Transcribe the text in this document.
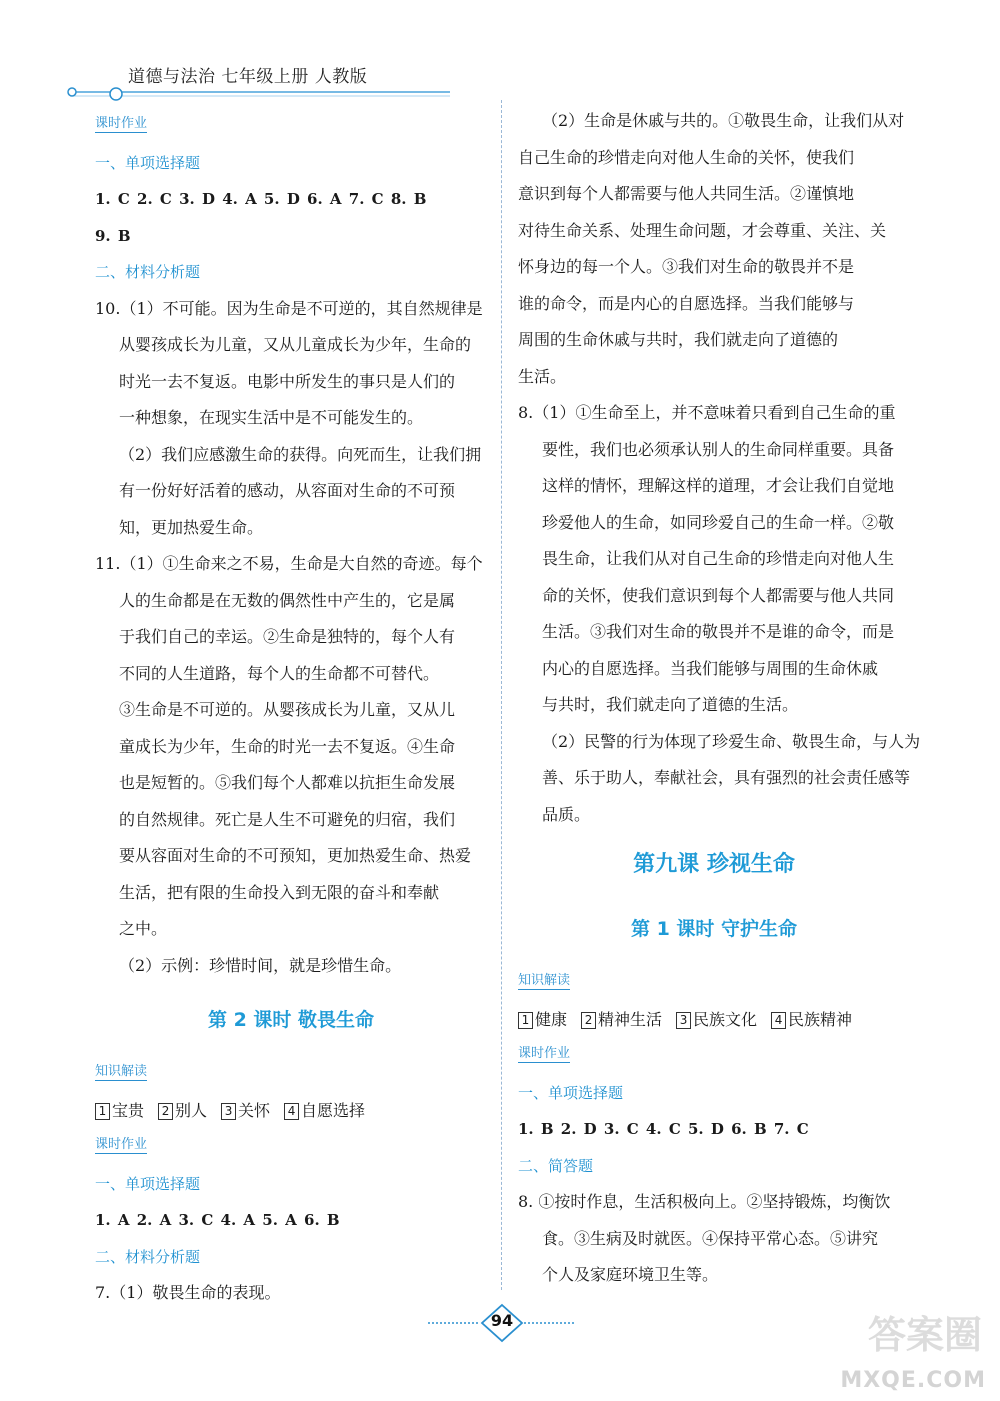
道德与法治 七年级上册 人教版
课时作业
一、单项选择题
1. C 2. C 3. D 4. A 5. D 6. A 7. C 8. B
9. B
二、材料分析题
10.（1）不可能。因为生命是不可逆的，其自然规律是
从婴孩成长为儿童，又从儿童成长为少年，生命的
时光一去不复返。电影中所发生的事只是人们的
一种想象，在现实生活中是不可能发生的。
（2）我们应感激生命的获得。向死而生，让我们拥
有一份好好活着的感动，从容面对生命的不可预
知，更加热爱生命。
11.（1）①生命来之不易，生命是大自然的奇迹。每个
人的生命都是在无数的偶然性中产生的，它是属
于我们自己的幸运。②生命是独特的，每个人有
不同的人生道路，每个人的生命都不可替代。
③生命是不可逆的。从婴孩成长为儿童，又从儿
童成长为少年，生命的时光一去不复返。④生命
也是短暂的。⑤我们每个人都难以抗拒生命发展
的自然规律。死亡是人生不可避免的归宿，我们
要从容面对生命的不可预知，更加热爱生命、热爱
生活，把有限的生命投入到无限的奋斗和奉献
之中。
（2）示例：珍惜时间，就是珍惜生命。
第 2 课时 敬畏生命
知识解读
1 宝贵 2 别人 3 关怀 4 自愿选择
课时作业
一、单项选择题
1. A 2. A 3. C 4. A 5. A 6. B
二、材料分析题
7.（1）敬畏生命的表现。
（2）生命是休戚与共的。①敬畏生命，让我们从对
自己生命的珍惜走向对他人生命的关怀，使我们
意识到每个人都需要与他人共同生活。②谨慎地
对待生命关系、处理生命问题，才会尊重、关注、关
怀身边的每一个人。③我们对生命的敬畏并不是
谁的命令，而是内心的自愿选择。当我们能够与
周围的生命休戚与共时，我们就走向了道德的
生活。
8.（1）①生命至上，并不意味着只看到自己生命的重
要性，我们也必须承认别人的生命同样重要。具备
这样的情怀，理解这样的道理，才会让我们自觉地
珍爱他人的生命，如同珍爱自己的生命一样。②敬
畏生命，让我们从对自己生命的珍惜走向对他人生
命的关怀，使我们意识到每个人都需要与他人共同
生活。③我们对生命的敬畏并不是谁的命令，而是
内心的自愿选择。当我们能够与周围的生命休戚
与共时，我们就走向了道德的生活。
（2）民警的行为体现了珍爱生命、敬畏生命，与人为
善、乐于助人，奉献社会，具有强烈的社会责任感等
品质。
第九课 珍视生命
第 1 课时 守护生命
知识解读
1 健康 2 精神生活 3 民族文化 4 民族精神
课时作业
一、单项选择题
1. B 2. D 3. C 4. C 5. D 6. B 7. C
二、简答题
8. ①按时作息，生活积极向上。②坚持锻炼，均衡饮
食。③生病及时就医。④保持平常心态。⑤讲究
个人及家庭环境卫生等。
94	答案圈
MXQE.COM
